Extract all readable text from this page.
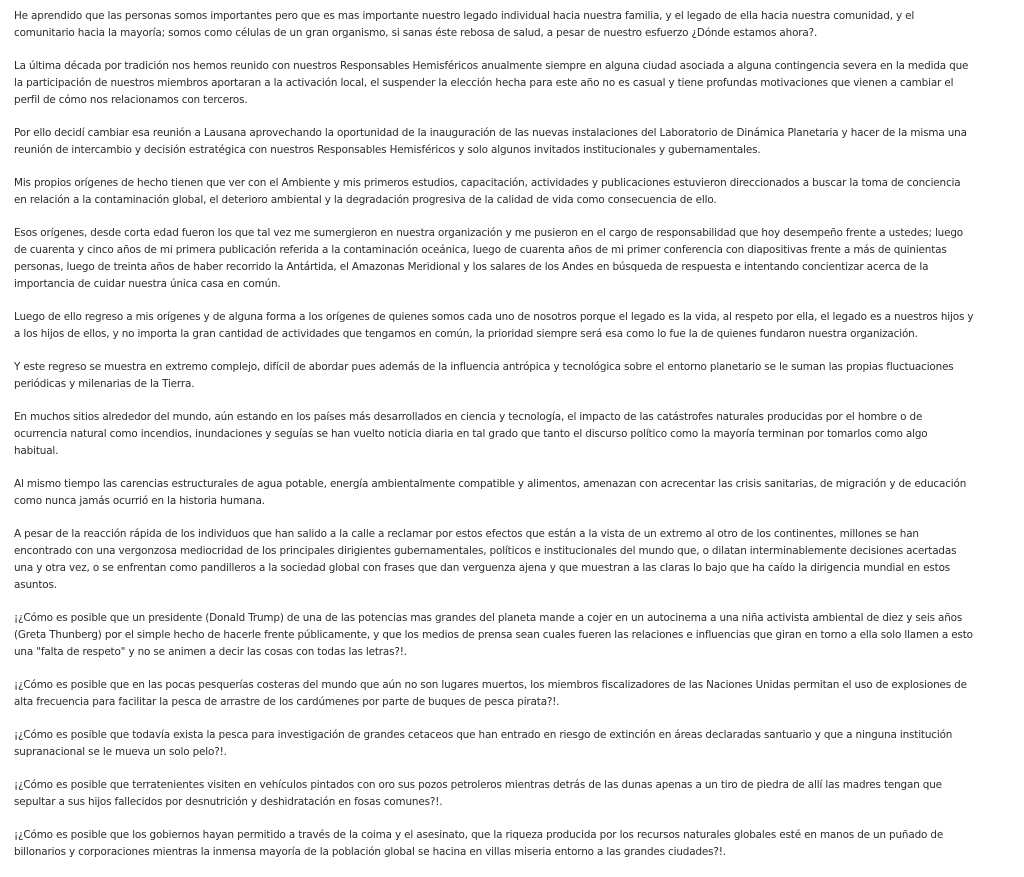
He aprendido que las personas somos importantes pero que es mas importante nuestro legado individual hacia nuestra familia, y el legado de ella hacia nuestra comunidad, y el comunitario hacia la mayoría; somos como células de un gran organismo, si sanas éste rebosa de salud, a pesar de nuestro esfuerzo ¿Dónde estamos ahora?.

La última década por tradición nos hemos reunido con nuestros Responsables Hemisféricos anualmente siempre en alguna ciudad asociada a alguna contingencia severa en la medida que la participación de nuestros miembros aportaran a la activación local, el suspender la elección hecha para este año no es casual y tiene profundas motivaciones que vienen a cambiar el perfil de cómo nos relacionamos con terceros.

Por ello decidí cambiar esa reunión a Lausana aprovechando la oportunidad de la inauguración de las nuevas instalaciones del Laboratorio de Dinámica Planetaria y hacer de la misma una reunión de intercambio y decisión estratégica con nuestros Responsables Hemisféricos y solo algunos invitados institucionales y gubernamentales.

Mis propios orígenes de hecho tienen que ver con el Ambiente y mis primeros estudios, capacitación, actividades y publicaciones estuvieron direccionados a buscar la toma de conciencia en relación a la contaminación global, el deterioro ambiental y la degradación progresiva de la calidad de vida como consecuencia de ello.

Esos orígenes, desde corta edad fueron los que tal vez me sumergieron en nuestra organización y me pusieron en el cargo de responsabilidad que hoy desempeño frente a ustedes; luego de cuarenta y cinco años de mi primera publicación referida a la contaminación oceánica, luego de cuarenta años de mi primer conferencia con diapositivas frente a más de quinientas personas, luego de treinta años de haber recorrido la Antártida, el Amazonas Meridional y los salares de los Andes en búsqueda de respuesta e intentando concientizar acerca de la importancia de cuidar nuestra única casa en común.

Luego de ello regreso a mis orígenes y de alguna forma a los orígenes de quienes somos cada uno de nosotros porque el legado es la vida, al respeto por ella, el legado es a nuestros hijos y a los hijos de ellos, y no importa la gran cantidad de actividades que tengamos en común, la prioridad siempre será esa como lo fue la de quienes fundaron nuestra organización.

Y este regreso se muestra en extremo complejo, difícil de abordar pues además de la influencia antrópica y tecnológica sobre el entorno planetario se le suman las propias fluctuaciones periódicas y milenarias de la Tierra.

En muchos sitios alrededor del mundo, aún estando en los países más desarrollados en ciencia y tecnología, el impacto de las catástrofes naturales producidas por el hombre o de ocurrencia natural como incendios, inundaciones y seguías se han vuelto noticia diaria en tal grado que tanto el discurso político como la mayoría terminan por tomarlos como algo habitual.

Al mismo tiempo las carencias estructurales de agua potable, energía ambientalmente compatible y alimentos, amenazan con acrecentar las crisis sanitarias, de migración y de educación como nunca jamás ocurrió en la historia humana.

A pesar de la reacción rápida de los individuos que han salido a la calle a reclamar por estos efectos que están a la vista de un extremo al otro de los continentes, millones se han encontrado con una vergonzosa mediocridad de los principales dirigientes gubernamentales, políticos e institucionales del mundo que, o dilatan interminablemente decisiones acertadas una y otra vez, o se enfrentan como pandilleros a la sociedad global con frases que dan verguenza ajena y que muestran a las claras lo bajo que ha caído la dirigencia mundial en estos asuntos.

¡¿Cómo es posible que un presidente (Donald Trump) de una de las potencias mas grandes del planeta mande a cojer en un autocinema a una niña activista ambiental de diez y seis años (Greta Thunberg) por el simple hecho de hacerle frente públicamente, y que los medios de prensa sean cuales fueren las relaciones e influencias que giran en torno a ella solo llamen a esto una "falta de respeto" y no se animen a decir las cosas con todas las letras?!.

¡¿Cómo es posible que en las pocas pesquerías costeras del mundo que aún no son lugares muertos, los miembros fiscalizadores de las Naciones Unidas permitan el uso de explosiones de alta frecuencia para facilitar la pesca de arrastre de los cardúmenes por parte de buques de pesca pirata?!.

¡¿Cómo es posible que todavía exista la pesca para investigación de grandes cetaceos que han entrado en riesgo de extinción en áreas declaradas santuario y que a ninguna institución supranacional se le mueva un solo pelo?!.

¡¿Cómo es posible que terratenientes visiten en vehículos pintados con oro sus pozos petroleros mientras detrás de las dunas apenas a un tiro de piedra de allí las madres tengan que sepultar a sus hijos fallecidos por desnutrición y deshidratación en fosas comunes?!.

¡¿Cómo es posible que los gobiernos hayan permitido a través de la coima y el asesinato, que la riqueza producida por los recursos naturales globales esté en manos de un puñado de billonarios y corporaciones mientras la inmensa mayoría de la población global se hacina en villas miseria entorno a las grandes ciudades?!.
